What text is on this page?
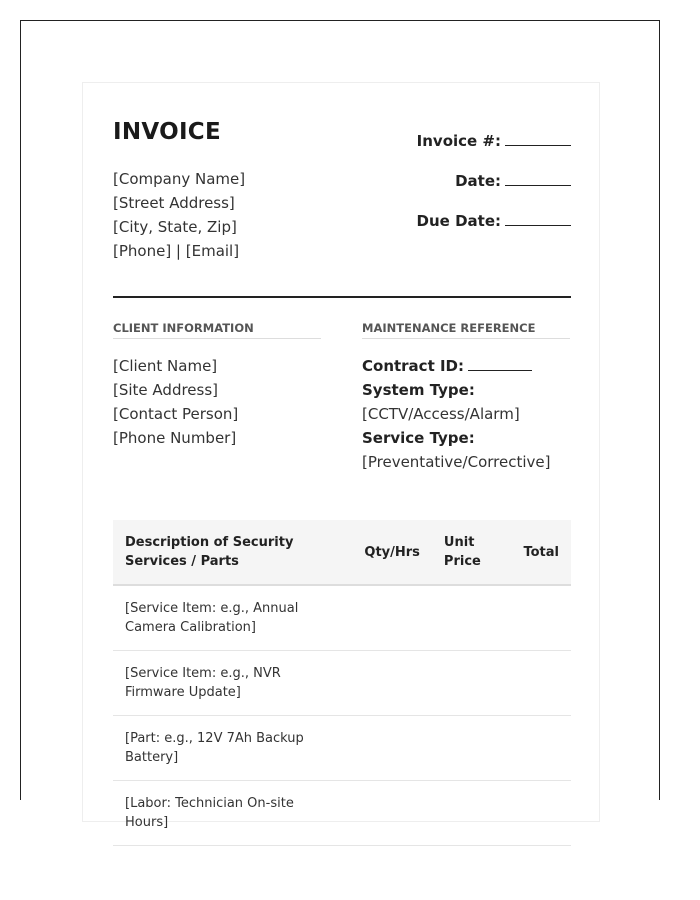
INVOICE
[Company Name]
[Street Address]
[City, State, Zip]
[Phone] | [Email]
Invoice #:
Date:
Due Date:
CLIENT INFORMATION	MAINTENANCE REFERENCE
[Client Name]
[Site Address]
[Contact Person]
[Phone Number]
Contract ID:
System Type:
[CCTV/Access/Alarm]
Service Type:
[Preventative/Corrective]
Description of Security Services / Parts	Qty/Hrs	Unit Price	Total
[Service Item: e.g., Annual Camera Calibration]			
[Service Item: e.g., NVR Firmware Update]			
[Part: e.g., 12V 7Ah Backup Battery]			
[Labor: Technician On-site Hours]			
